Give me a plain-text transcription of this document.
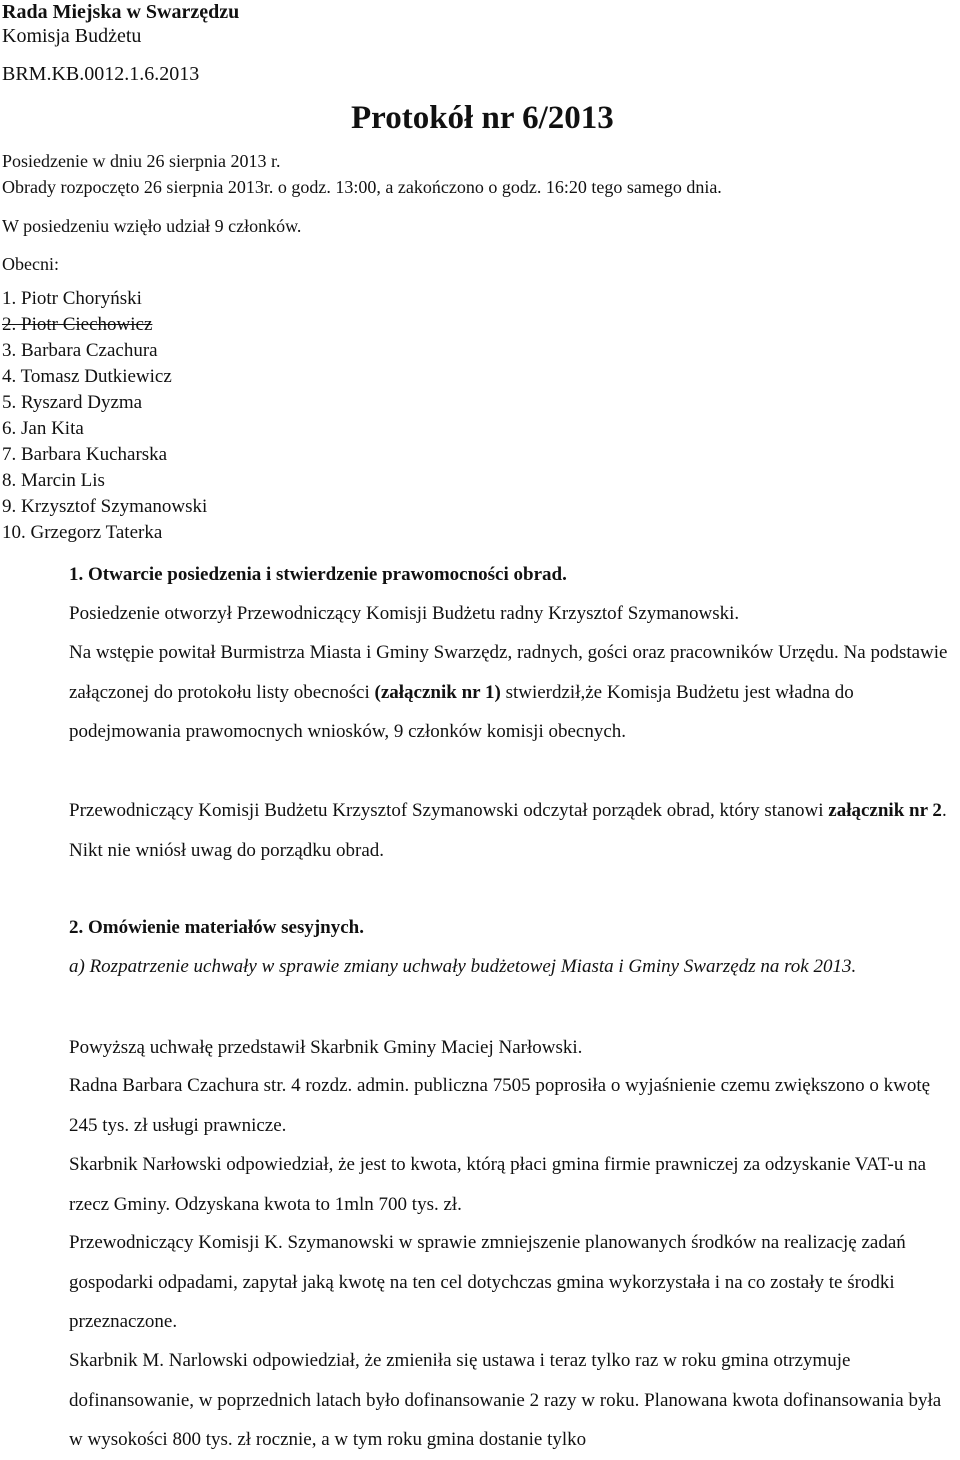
Rada Miejska w Swarzędzu
Komisja Budżetu
BRM.KB.0012.1.6.2013
Protokół nr 6/2013
Posiedzenie w dniu 26 sierpnia 2013 r.
Obrady rozpoczęto 26 sierpnia 2013r. o godz. 13:00, a zakończono o godz. 16:20 tego samego dnia.
W posiedzeniu wzięło udział 9 członków.
Obecni:
1. Piotr Choryński
2. Piotr Ciechowicz
3. Barbara Czachura
4. Tomasz Dutkiewicz
5. Ryszard Dyzma
6. Jan Kita
7. Barbara Kucharska
8. Marcin Lis
9. Krzysztof Szymanowski
10. Grzegorz Taterka
1. Otwarcie posiedzenia i stwierdzenie prawomocności obrad.
Posiedzenie otworzył Przewodniczący Komisji Budżetu radny Krzysztof Szymanowski.
Na wstępie powitał Burmistrza Miasta i Gminy Swarzędz, radnych, gości oraz pracowników Urzędu. Na podstawie załączonej do protokołu listy obecności (załącznik nr 1) stwierdził,że Komisja Budżetu jest władna do podejmowania prawomocnych wniosków, 9 członków komisji obecnych.
Przewodniczący Komisji Budżetu Krzysztof Szymanowski odczytał porządek obrad, który stanowi załącznik nr 2. Nikt nie wniósł uwag do porządku obrad.
2. Omówienie materiałów sesyjnych.
a) Rozpatrzenie uchwały w sprawie zmiany uchwały budżetowej Miasta i Gminy Swarzędz na rok 2013.
Powyższą uchwałę przedstawił Skarbnik Gminy Maciej Narłowski.
Radna Barbara Czachura str. 4 rozdz. admin. publiczna 7505 poprosiła o wyjaśnienie czemu zwiększono o kwotę 245 tys. zł usługi prawnicze.
Skarbnik Narłowski odpowiedział, że jest to kwota, którą płaci gmina firmie prawniczej za odzyskanie VAT-u na rzecz Gminy. Odzyskana kwota to 1mln 700 tys. zł.
Przewodniczący Komisji K. Szymanowski w sprawie zmniejszenie planowanych środków na realizację zadań gospodarki odpadami, zapytał jaką kwotę na ten cel dotychczas gmina wykorzystała i na co zostały te środki przeznaczone.
Skarbnik M. Narlowski odpowiedział, że zmieniła się ustawa i teraz tylko raz w roku gmina otrzymuje dofinansowanie, w poprzednich latach było dofinansowanie 2 razy w roku. Planowana kwota dofinansowania była w wysokości 800 tys. zł rocznie, a w tym roku gmina dostanie tylko
